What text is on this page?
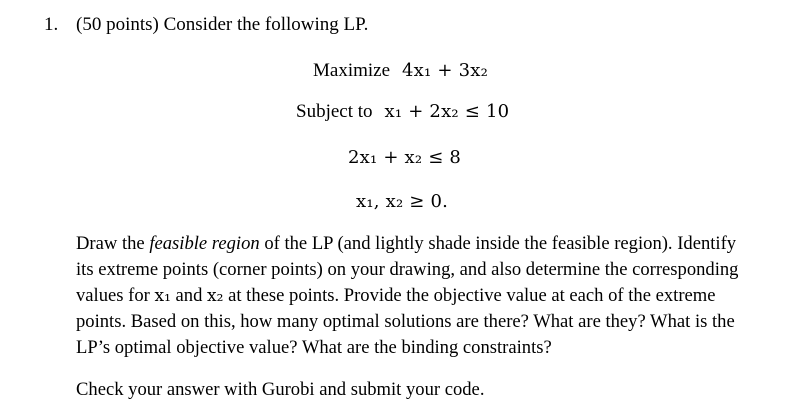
1. (50 points) Consider the following LP.
Maximize 4x₁ + 3x₂
Subject to x₁ + 2x₂ ≤ 10
2x₁ + x₂ ≤ 8
x₁, x₂ ≥ 0.
Draw the feasible region of the LP (and lightly shade inside the feasible region). Identify
its extreme points (corner points) on your drawing, and also determine the corresponding
values for x₁ and x₂ at these points. Provide the objective value at each of the extreme
points. Based on this, how many optimal solutions are there? What are they? What is the
LP’s optimal objective value? What are the binding constraints?
Check your answer with Gurobi and submit your code.
